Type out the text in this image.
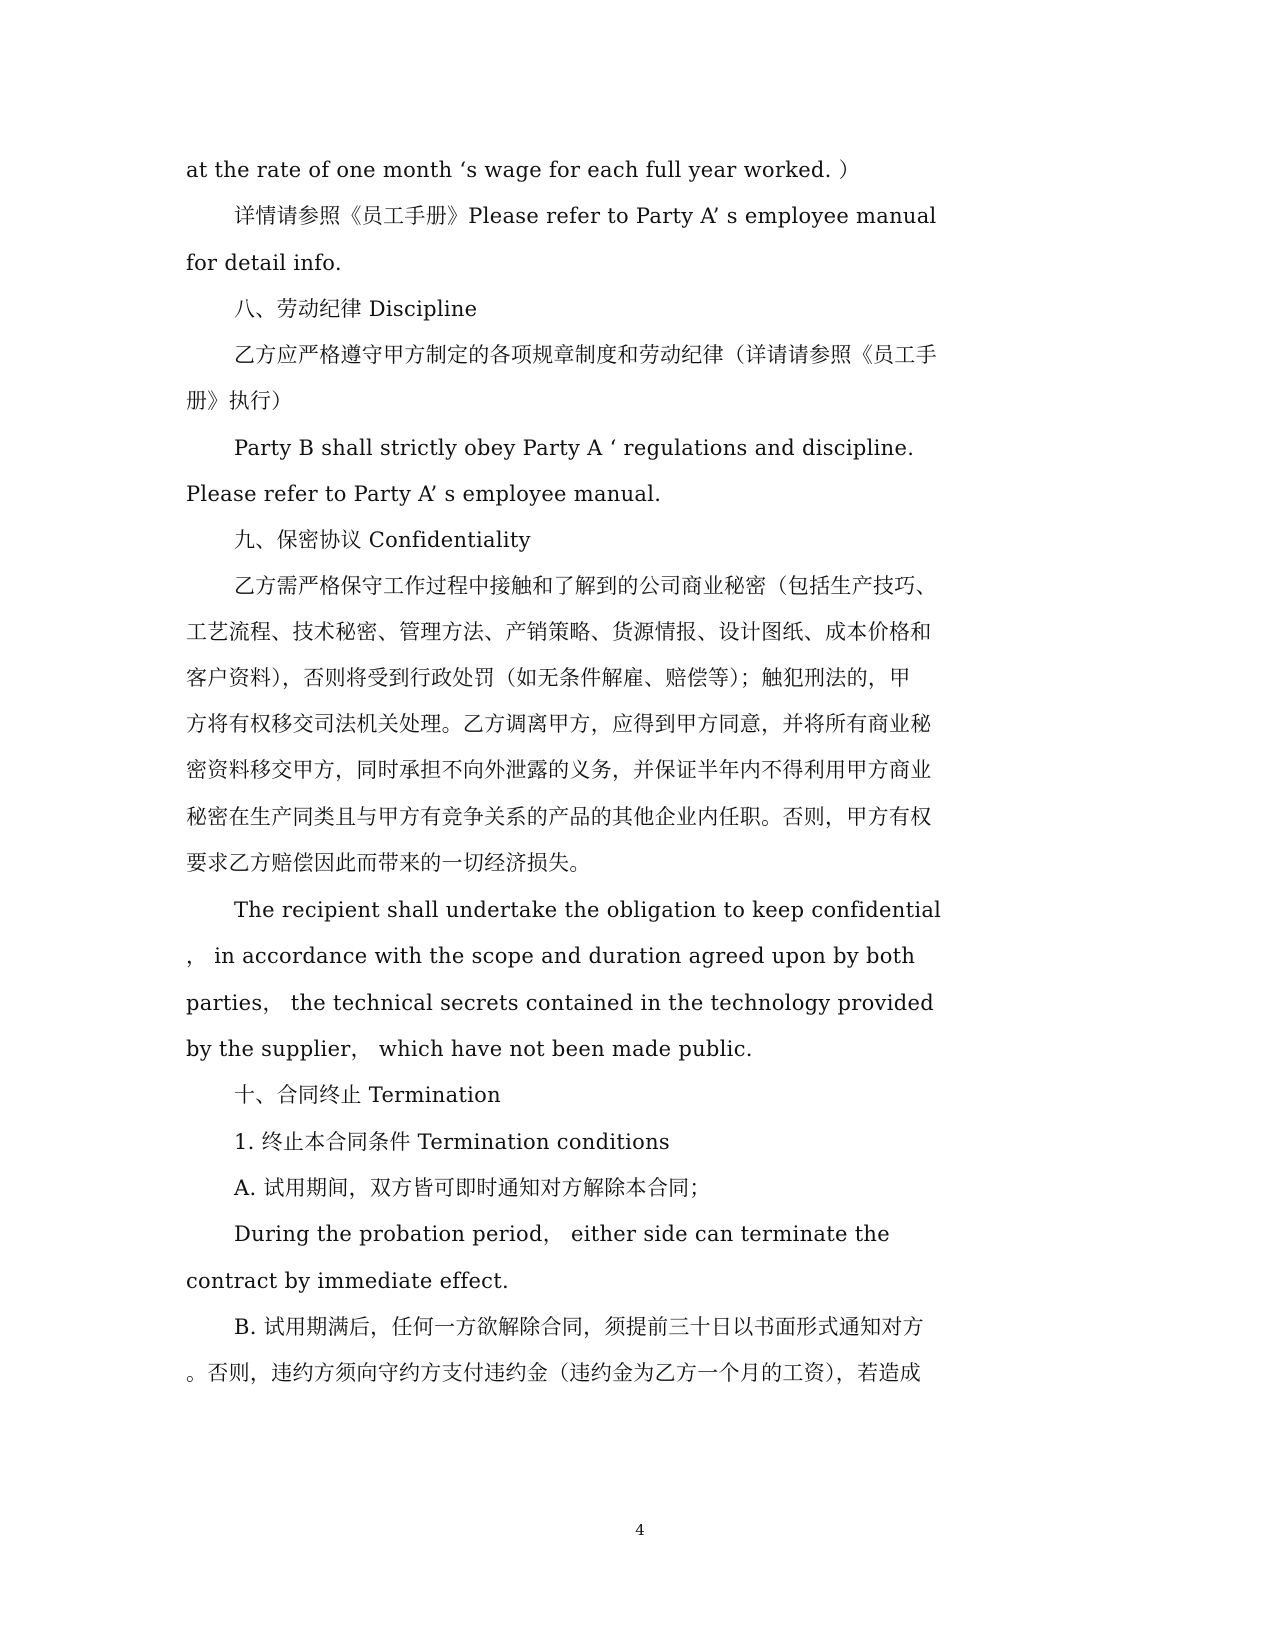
at the rate of one month ‘s wage for each full year worked. ）
详情请参照《员工手册》Please refer to Party A’ s employee manual
for detail info.
八、劳动纪律 Discipline
乙方应严格遵守甲方制定的各项规章制度和劳动纪律（详请请参照《员工手
册》执行）
Party B shall strictly obey Party A ‘ regulations and discipline.
Please refer to Party A’ s employee manual.
九、保密协议 Confidentiality
乙方需严格保守工作过程中接触和了解到的公司商业秘密（包括生产技巧、
工艺流程、技术秘密、管理方法、产销策略、货源情报、设计图纸、成本价格和
客户资料），否则将受到行政处罚（如无条件解雇、赔偿等）；触犯刑法的，甲
方将有权移交司法机关处理。乙方调离甲方，应得到甲方同意，并将所有商业秘
密资料移交甲方，同时承担不向外泄露的义务，并保证半年内不得利用甲方商业
秘密在生产同类且与甲方有竞争关系的产品的其他企业内任职。否则，甲方有权
要求乙方赔偿因此而带来的一切经济损失。
The recipient shall undertake the obligation to keep confidential
， in accordance with the scope and duration agreed upon by both
parties， the technical secrets contained in the technology provided
by the supplier， which have not been made public.
十、合同终止 Termination
1. 终止本合同条件 Termination conditions
A. 试用期间，双方皆可即时通知对方解除本合同；
During the probation period， either side can terminate the
contract by immediate effect.
B. 试用期满后，任何一方欲解除合同，须提前三十日以书面形式通知对方
。否则，违约方须向守约方支付违约金（违约金为乙方一个月的工资），若造成
4
